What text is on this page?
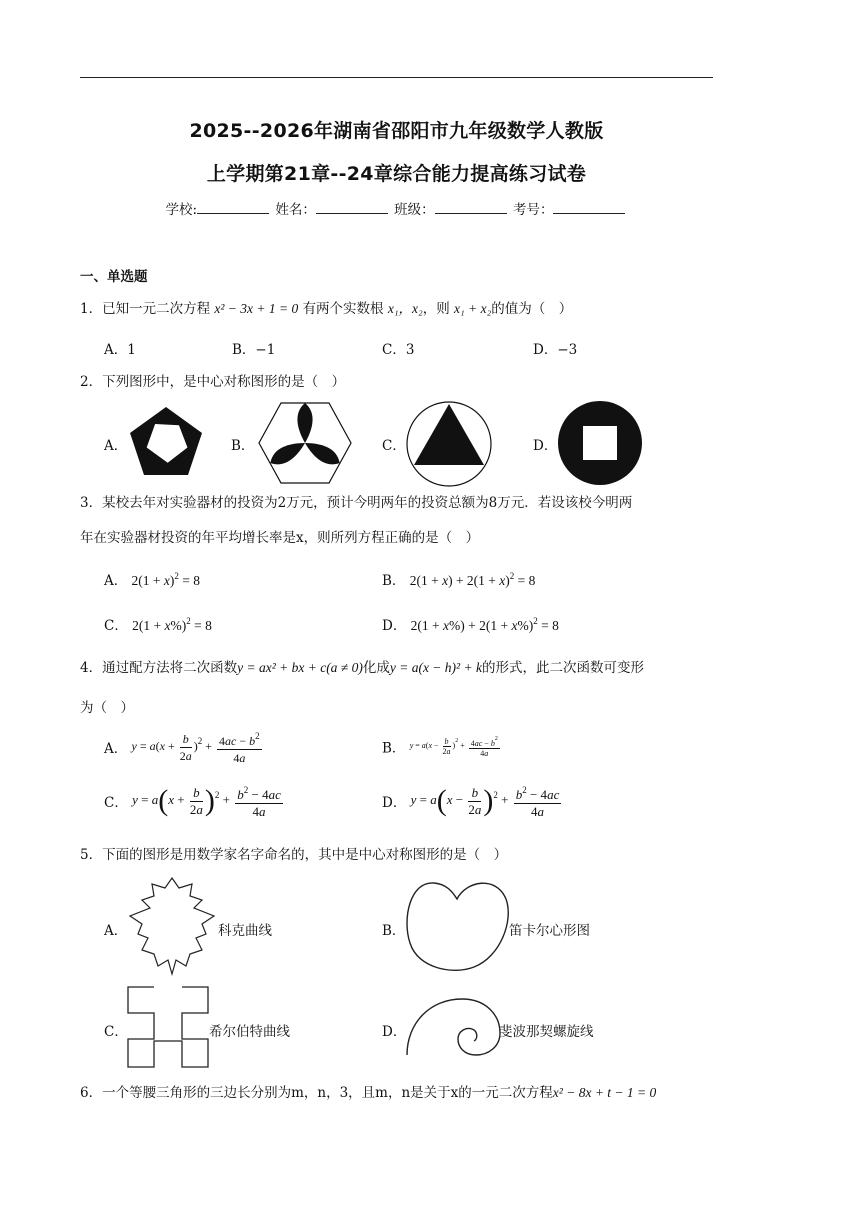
2025--2026年湖南省邵阳市九年级数学人教版
上学期第21章--24章综合能力提高练习试卷
学校:	姓名：	班级：	考号：
一、单选题
1．已知一元二次方程 x² − 3x + 1 = 0 有两个实数根 x₁，x₂，则 x₁ + x₂的值为（　）
A．1	B．−1	C．3	D．−3
2．下列图形中，是中心对称图形的是（　）
A．	B．	C．	D．
3．某校去年对实验器材的投资为2万元，预计今明两年的投资总额为8万元．若设该校今明两
年在实验器材投资的年平均增长率是x，则所列方程正确的是（　）
A． $2(1 + x)^2 = 8$	B． $2(1 + x) + 2(1 + x)^2 = 8$
C． $2(1 + x\%)^2 = 8$	D． $2(1 + x\%) + 2(1 + x\%)^2 = 8$
4．通过配方法将二次函数y = ax² + bx + c(a ≠ 0)化成y = a(x − h)² + k的形式，此二次函数可变形
为（　）
A． $y = a(x + \frac{b}{2a} )^2 + \frac{4ac - b^2}{4a}$	B． $y = a(x - \frac{b}{2a} )^2 + \frac{4ac - b^2}{4a}$
C． $y = a(x + \frac{b}{2a} )^2 + \frac{b^2 - 4ac}{4a}$	D． $y = a(x - \frac{b}{2a} )^2 + \frac{b^2 - 4ac}{4a}$
5．下面的图形是用数学家名字命名的，其中是中心对称图形的是（　）
A．	科克曲线	B．	笛卡尔心形图
C．	希尔伯特曲线	D．	斐波那契螺旋线
6．一个等腰三角形的三边长分别为m，n，3，且m，n是关于x的一元二次方程x² − 8x + t − 1 = 0
